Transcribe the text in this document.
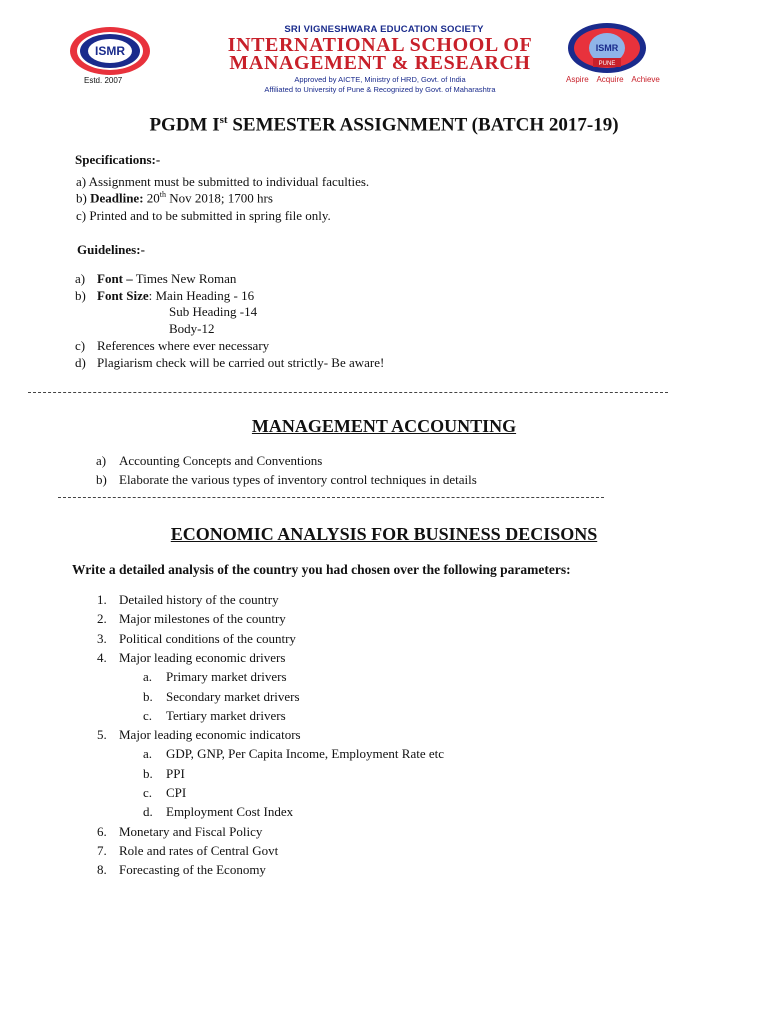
ISMR
SRI VIGNESHWARA EDUCATION SOCIETY
INTERNATIONAL SCHOOL OF
MANAGEMENT & RESEARCH
Approved by AICTE, Ministry of HRD, Govt. of India
Affiliated to University of Pune & Recognized by Govt. of Maharashtra
Estd. 2007
ISMR
PUNE
Aspire Acquire Achieve
PGDM Ist SEMESTER ASSIGNMENT (BATCH 2017-19)
Specifications:-
a) Assignment must be submitted to individual faculties.
b) Deadline: 20th Nov 2018; 1700 hrs
c) Printed and to be submitted in spring file only.
Guidelines:-
a) Font – Times New Roman
b) Font Size: Main Heading - 16
Sub Heading -14
Body-12
c) References where ever necessary
d) Plagiarism check will be carried out strictly- Be aware!
MANAGEMENT ACCOUNTING
a) Accounting Concepts and Conventions
b) Elaborate the various types of inventory control techniques in details
ECONOMIC ANALYSIS FOR BUSINESS DECISONS
Write a detailed analysis of the country you had chosen over the following parameters:
1. Detailed history of the country
2. Major milestones of the country
3. Political conditions of the country
4. Major leading economic drivers
a. Primary market drivers
b. Secondary market drivers
c. Tertiary market drivers
5. Major leading economic indicators
a. GDP, GNP, Per Capita Income, Employment Rate etc
b. PPI
c. CPI
d. Employment Cost Index
6. Monetary and Fiscal Policy
7. Role and rates of Central Govt
8. Forecasting of the Economy
